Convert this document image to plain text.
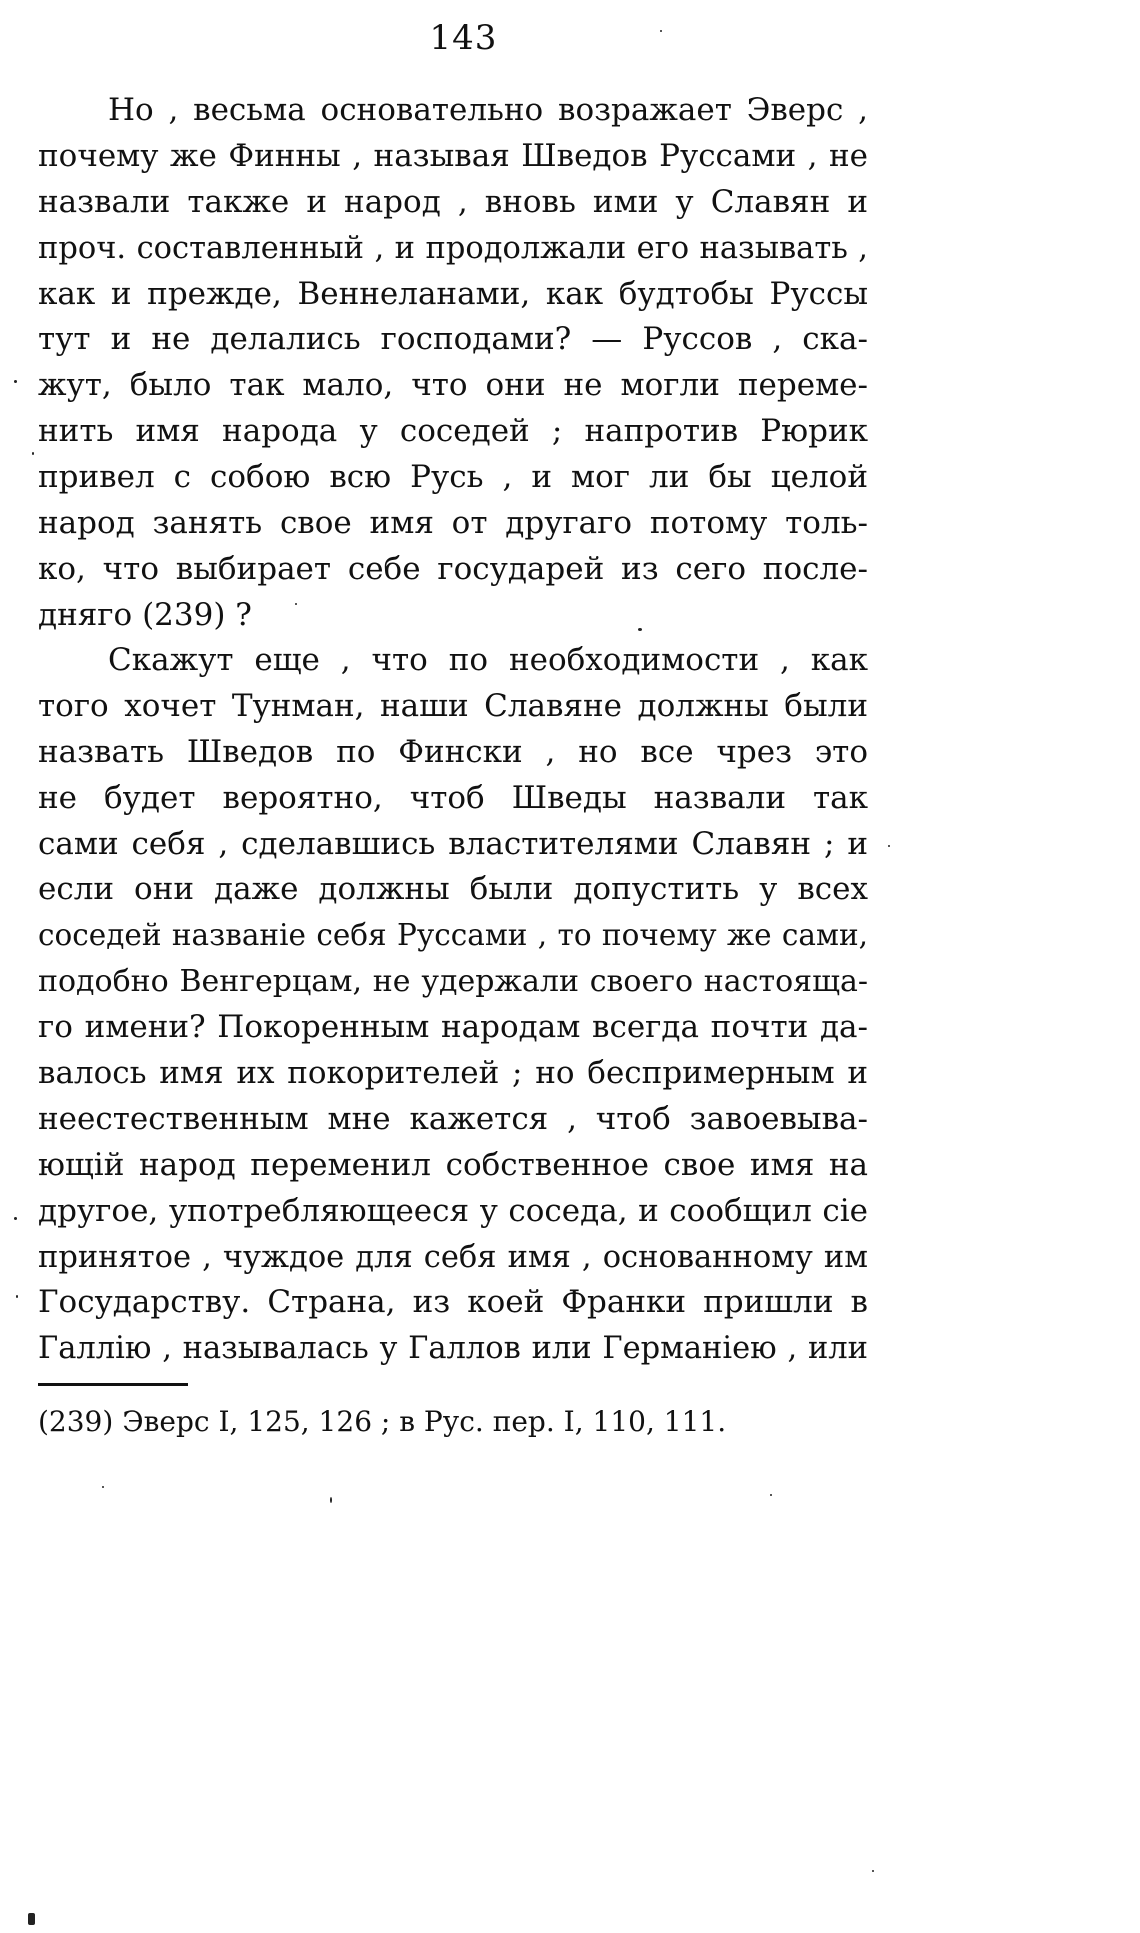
143
Но , весьма основательно возражает Эверс ,
почему же Финны , называя Шведов Руссами , не
назвали также и народ , вновь ими у Славян и
проч. составленный , и продолжали его называть ,
как и прежде, Веннеланами, как будтобы Руссы
тут и не делались господами? — Руссов , ска-
жут, было так мало, что они не могли переме-
нить имя народа у соседей ; напротив Рюрик
привел с собою всю Русь , и мог ли бы целой
народ занять свое имя от другаго потому толь-
ко, что выбирает себе государей из сего после-
дняго (239) ?
Скажут еще , что по необходимости , как
того хочет Тунман, наши Славяне должны были
назвать Шведов по Фински , но все чрез это
не будет вероятно, чтоб Шведы назвали так
сами себя , сделавшись властителями Славян ; и
если они даже должны были допустить у всех
соседей названіе себя Руссами , то почему же сами,
подобно Венгерцам, не удержали своего настояща-
го имени? Покоренным народам всегда почти да-
валось имя их покорителей ; но беспримерным и
неестественным мне кажется , чтоб завоевыва-
ющій народ переменил собственное свое имя на
другое, употребляющееся у соседа, и сообщил сіе
принятое , чуждое для себя имя , основанному им
Государству. Страна, из коей Франки пришли в
Галлію , называлась у Галлов или Германіею , или
(239) Эверс I, 125, 126 ; в Рус. пер. I, 110, 111.
